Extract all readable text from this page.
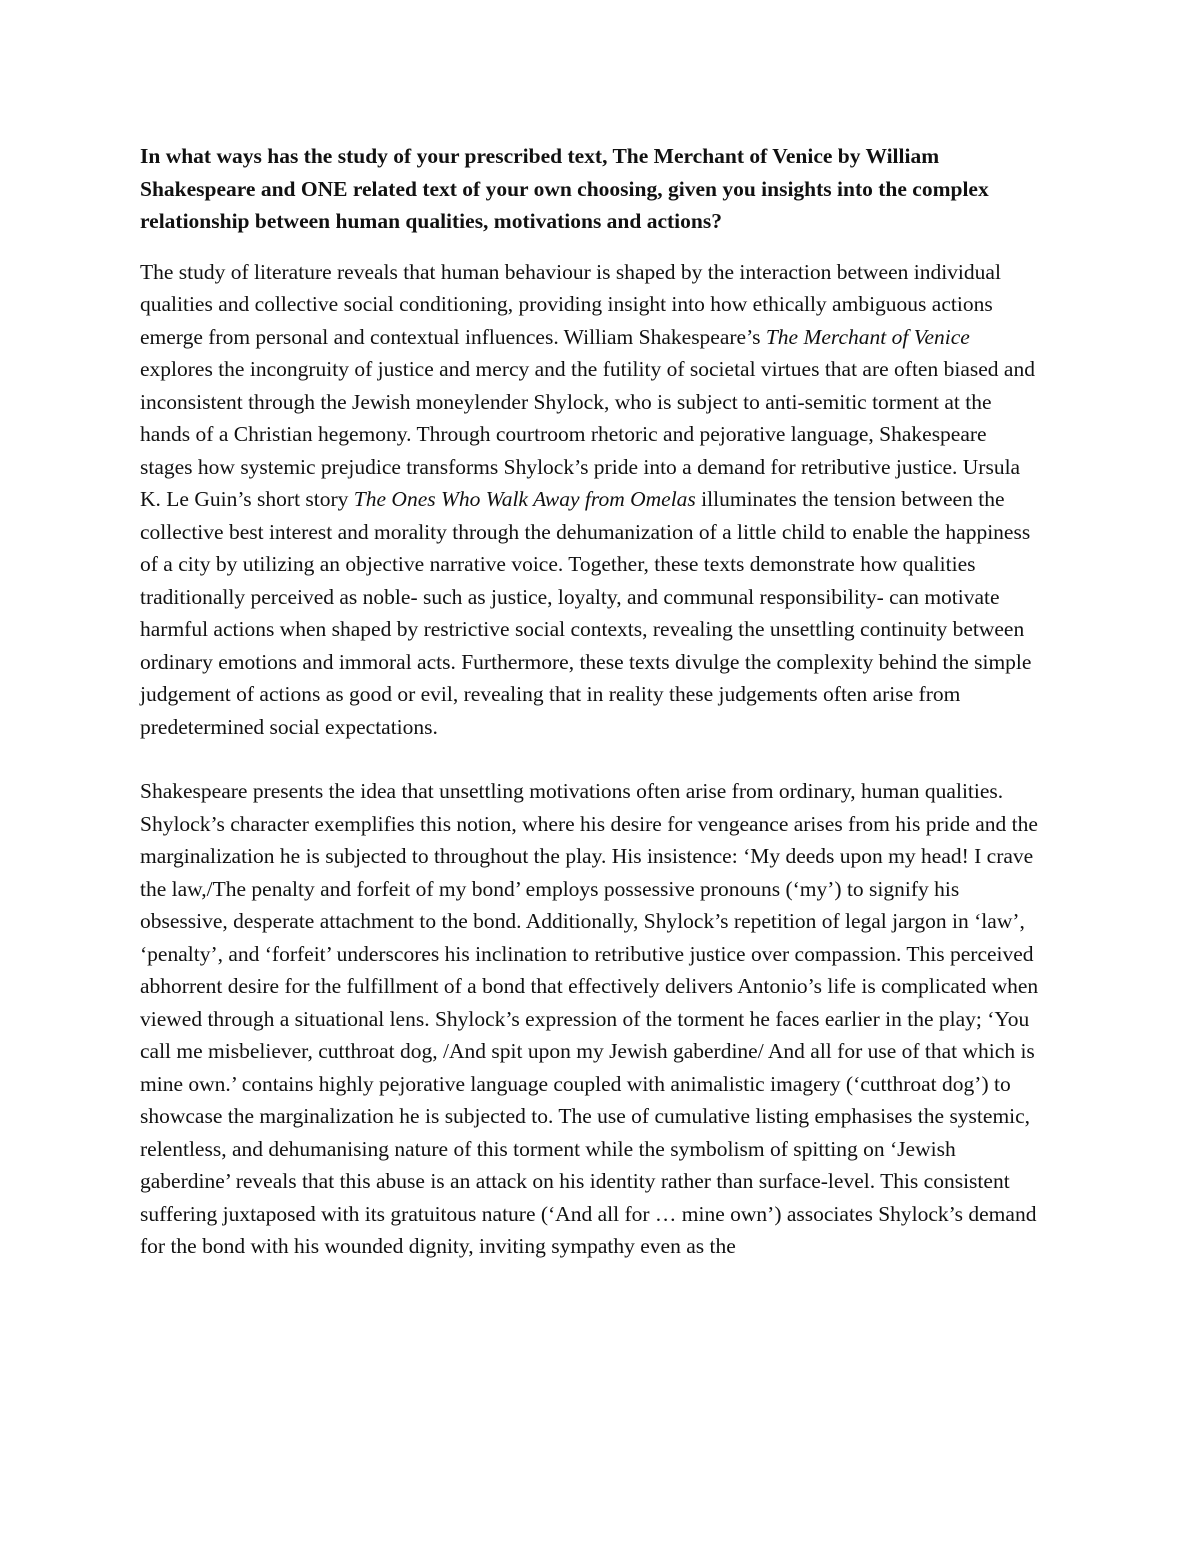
In what ways has the study of your prescribed text, The Merchant of Venice by William Shakespeare and ONE related text of your own choosing, given you insights into the complex relationship between human qualities, motivations and actions?

The study of literature reveals that human behaviour is shaped by the interaction between individual qualities and collective social conditioning, providing insight into how ethically ambiguous actions emerge from personal and contextual influences. William Shakespeare’s The Merchant of Venice explores the incongruity of justice and mercy and the futility of societal virtues that are often biased and inconsistent through the Jewish moneylender Shylock, who is subject to anti-semitic torment at the hands of a Christian hegemony. Through courtroom rhetoric and pejorative language, Shakespeare stages how systemic prejudice transforms Shylock’s pride into a demand for retributive justice. Ursula K. Le Guin’s short story The Ones Who Walk Away from Omelas illuminates the tension between the collective best interest and morality through the dehumanization of a little child to enable the happiness of a city by utilizing an objective narrative voice. Together, these texts demonstrate how qualities traditionally perceived as noble- such as justice, loyalty, and communal responsibility- can motivate harmful actions when shaped by restrictive social contexts, revealing the unsettling continuity between ordinary emotions and immoral acts. Furthermore, these texts divulge the complexity behind the simple judgement of actions as good or evil, revealing that in reality these judgements often arise from predetermined social expectations.

Shakespeare presents the idea that unsettling motivations often arise from ordinary, human qualities. Shylock’s character exemplifies this notion, where his desire for vengeance arises from his pride and the marginalization he is subjected to throughout the play. His insistence: ‘My deeds upon my head! I crave the law,/The penalty and forfeit of my bond’ employs possessive pronouns (‘my’) to signify his obsessive, desperate attachment to the bond. Additionally, Shylock’s repetition of legal jargon in ‘law’, ‘penalty’, and ‘forfeit’ underscores his inclination to retributive justice over compassion. This perceived abhorrent desire for the fulfillment of a bond that effectively delivers Antonio’s life is complicated when viewed through a situational lens. Shylock’s expression of the torment he faces earlier in the play; ‘You call me misbeliever, cutthroat dog, /And spit upon my Jewish gaberdine/ And all for use of that which is mine own.’ contains highly pejorative language coupled with animalistic imagery (‘cutthroat dog’) to showcase the marginalization he is subjected to. The use of cumulative listing emphasises the systemic, relentless, and dehumanising nature of this torment while the symbolism of spitting on ‘Jewish gaberdine’ reveals that this abuse is an attack on his identity rather than surface-level. This consistent suffering juxtaposed with its gratuitous nature (‘And all for … mine own’) associates Shylock’s demand for the bond with his wounded dignity, inviting sympathy even as the
